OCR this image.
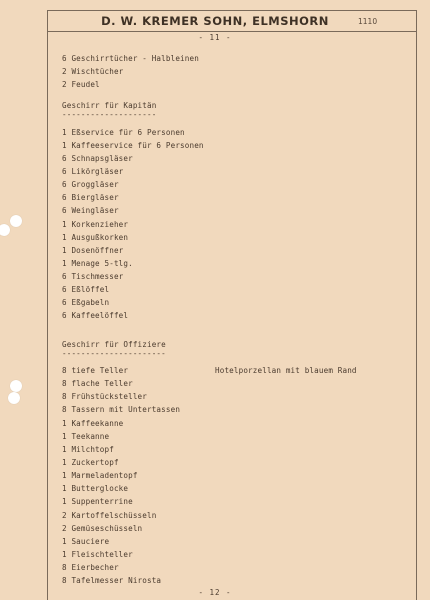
D. W. KREMER SOHN, ELMSHORN	1110
- 11 -
6 Geschirrtücher - Halbleinen
2 Wischtücher
2 Feudel
Geschirr für Kapitän
--------------------
1 Eßservice für 6 Personen
1 Kaffeeservice für 6 Personen
6 Schnapsgläser
6 Likörgläser
6 Groggläser
6 Biergläser
6 Weingläser
1 Korkenzieher
1 Ausgußkorken
1 Dosenöffner
1 Menage 5-tlg.
6 Tischmesser
6 Eßlöffel
6 Eßgabeln
6 Kaffeelöffel
Geschirr für Offiziere
----------------------
Hotelporzellan mit blauem Rand
8 tiefe Teller
8 flache Teller
8 Frühstücksteller
8 Tassern mit Untertassen
1 Kaffeekanne
1 Teekanne
1 Milchtopf
1 Zuckertopf
1 Marmeladentopf
1 Butterglocke
1 Suppenterrine
2 Kartoffelschüsseln
2 Gemüseschüsseln
1 Sauciere
1 Fleischteller
8 Eierbecher
8 Tafelmesser Nirosta
- 12 -
